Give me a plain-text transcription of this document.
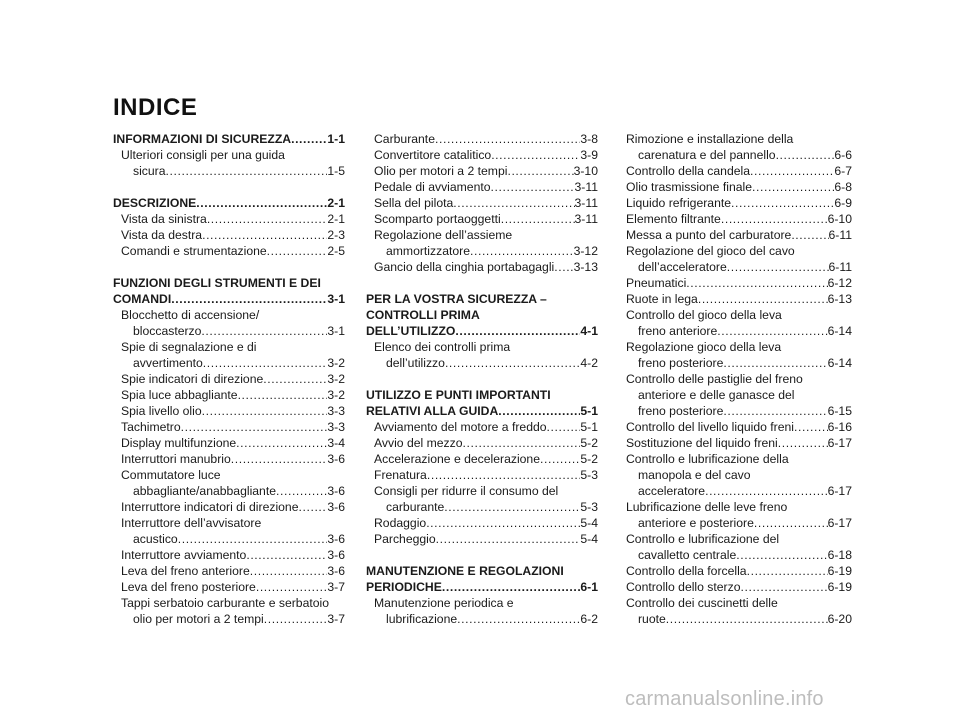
INDICE
INFORMAZIONI DI SICUREZZA .....	1-1
Ulteriori consigli per una guida
sicura .....	1-5
DESCRIZIONE .....	2-1
Vista da sinistra .....	2-1
Vista da destra .....	2-3
Comandi e strumentazione .....	2-5
FUNZIONI DEGLI STRUMENTI E DEI
COMANDI .....	3-1
Blocchetto di accensione/
bloccasterzo .....	3-1
Spie di segnalazione e di
avvertimento .....	3-2
Spie indicatori di direzione .....	3-2
Spia luce abbagliante .....	3-2
Spia livello olio .....	3-3
Tachimetro .....	3-3
Display multifunzione .....	3-4
Interruttori manubrio .....	3-6
Commutatore luce
abbagliante/anabbagliante .....	3-6
Interruttore indicatori di direzione ..... 3-6
Interruttore dell’avvisatore
acustico .....	3-6
Interruttore avviamento .....	3-6
Leva del freno anteriore .....	3-6
Leva del freno posteriore .....	3-7
Tappi serbatoio carburante e serbatoio
olio per motori a 2 tempi .....	3-7
Carburante .....	3-8
Convertitore catalitico .....	3-9
Olio per motori a 2 tempi .....	3-10
Pedale di avviamento .....	3-11
Sella del pilota .....	3-11
Scomparto portaoggetti .....	3-11
Regolazione dell’assieme
ammortizzatore .....	3-12
Gancio della cinghia portabagagli ..... 3-13
PER LA VOSTRA SICUREZZA –
CONTROLLI PRIMA
DELL’UTILIZZO .....	4-1
Elenco dei controlli prima
dell’utilizzo .....	4-2
UTILIZZO E PUNTI IMPORTANTI
RELATIVI ALLA GUIDA .....	5-1
Avviamento del motore a freddo .....	5-1
Avvio del mezzo .....	5-2
Accelerazione e decelerazione .....	5-2
Frenatura .....	5-3
Consigli per ridurre il consumo del
carburante .....	5-3
Rodaggio .....	5-4
Parcheggio .....	5-4
MANUTENZIONE E REGOLAZIONI
PERIODICHE .....	6-1
Manutenzione periodica e
lubrificazione .....	6-2
Rimozione e installazione della
carenatura e del pannello .....	6-6
Controllo della candela .....	6-7
Olio trasmissione finale .....	6-8
Liquido refrigerante .....	6-9
Elemento filtrante .....	6-10
Messa a punto del carburatore .....	6-11
Regolazione del gioco del cavo
dell’acceleratore .....	6-11
Pneumatici .....	6-12
Ruote in lega .....	6-13
Controllo del gioco della leva
freno anteriore .....	6-14
Regolazione gioco della leva
freno posteriore .....	6-14
Controllo delle pastiglie del freno
anteriore e delle ganasce del
freno posteriore .....	6-15
Controllo del livello liquido freni .....	6-16
Sostituzione del liquido freni .....	6-17
Controllo e lubrificazione della
manopola e del cavo
acceleratore .....	6-17
Lubrificazione delle leve freno
anteriore e posteriore .....	6-17
Controllo e lubrificazione del
cavalletto centrale .....	6-18
Controllo della forcella .....	6-19
Controllo dello sterzo .....	6-19
Controllo dei cuscinetti delle
ruote .....	6-20
carmanualsonline.info
